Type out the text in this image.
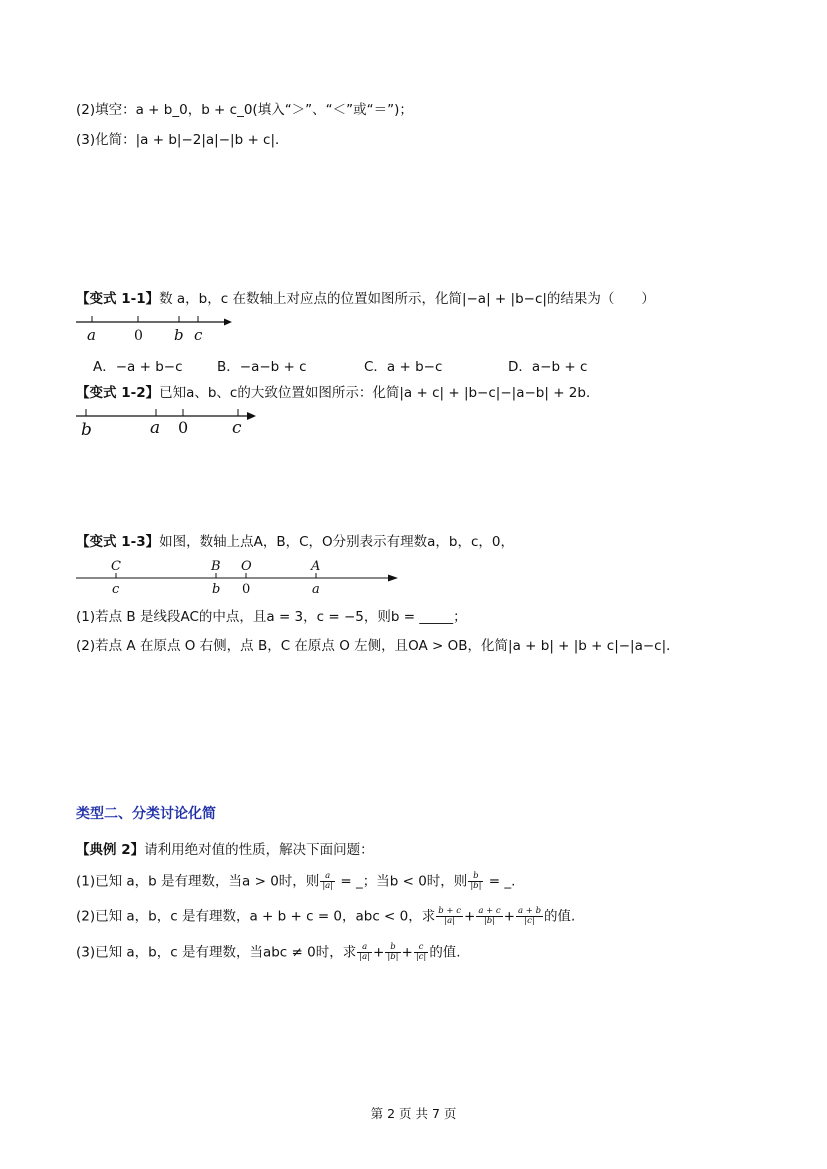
(2)填空：a + b_0，b + c_0(填入“＞”、“＜”或“＝”)；
(3)化简：|a + b|−2|a|−|b + c|．
【变式 1-1】数 a，b，c 在数轴上对应点的位置如图所示，化简|−a| + |b−c|的结果为（　　）
a	0 b c
A．−a + b−c	B．−a−b + c	C．a + b−c	D．a−b + c
【变式 1-2】已知a、b、c的大致位置如图所示：化简|a + c| + |b−c|−|a−b| + 2b．
b	a 0	c
【变式 1-3】如图，数轴上点A，B，C，O分别表示有理数a，b，c，0，
C	B O	A
c	b 0	a
(1)若点 B 是线段AC的中点，且a = 3，c = −5，则b = _____；
(2)若点 A 在原点 O 右侧，点 B，C 在原点 O 左侧，且OA > OB，化简|a + b| + |b + c|−|a−c|．
类型二、分类讨论化简
【典例 2】请利用绝对值的性质，解决下面问题：
(1)已知 a，b 是有理数，当a > 0时，则 $\frac{a}{|a|}$ = _；当b < 0时，则 $\frac{b}{|b|}$ = _.
(2)已知 a，b，c 是有理数，a + b + c = 0，abc < 0，求 $\frac{b + c}{|a|} + \frac{a + c}{|b|} + \frac{a + b}{|c|}$ 的值.
(3)已知 a，b，c 是有理数，当abc ≠ 0时，求 $\frac{a}{|a|} + \frac{b}{|b|} + \frac{c}{|c|}$ 的值.
第 2 页 共 7 页
